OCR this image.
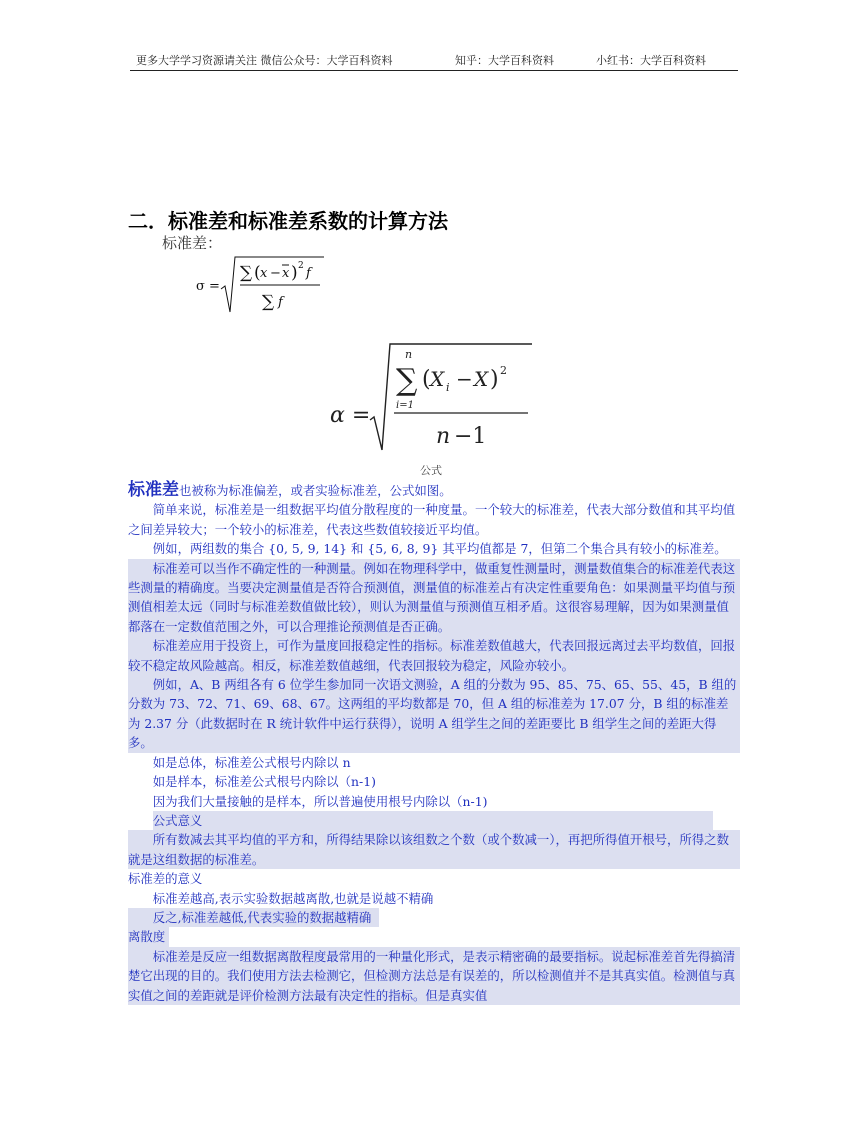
更多大学学习资源请关注 微信公众号：大学百科资料	知乎：大学百科资料	小红书：大学百科资料
二．标准差和标准差系数的计算方法
标准差：
σ =
∑ ( x − x ) 2 f
∑ f
α =
n
∑
i=1
( X i − X ) 2
n −1
公式

标准差也被称为标准偏差，或者实验标准差，公式如图。

简单来说，标准差是一组数据平均值分散程度的一种度量。一个较大的标准差，代表大部分数值和其平均值之间差异较大；一个较小的标准差，代表这些数值较接近平均值。

例如，两组数的集合 {0, 5, 9, 14} 和 {5, 6, 8, 9} 其平均值都是 7，但第二个集合具有较小的标准差。

标准差可以当作不确定性的一种测量。例如在物理科学中，做重复性测量时，测量数值集合的标准差代表这些测量的精确度。当要决定测量值是否符合预测值，测量值的标准差占有决定性重要角色：如果测量平均值与预测值相差太远（同时与标准差数值做比较），则认为测量值与预测值互相矛盾。这很容易理解，因为如果测量值都落在一定数值范围之外，可以合理推论预测值是否正确。

标准差应用于投资上，可作为量度回报稳定性的指标。标准差数值越大，代表回报远离过去平均数值，回报较不稳定故风险越高。相反，标准差数值越细，代表回报较为稳定，风险亦较小。

例如，A、B 两组各有 6 位学生参加同一次语文测验，A 组的分数为 95、85、75、65、55、45，B 组的分数为 73、72、71、69、68、67。这两组的平均数都是 70，但 A 组的标准差为 17.07 分，B 组的标准差为 2.37 分（此数据时在 R 统计软件中运行获得），说明 A 组学生之间的差距要比 B 组学生之间的差距大得多。

如是总体，标准差公式根号内除以 n

如是样本，标准差公式根号内除以（n-1)

因为我们大量接触的是样本，所以普遍使用根号内除以（n-1)

公式意义

所有数减去其平均值的平方和，所得结果除以该组数之个数（或个数减一），再把所得值开根号，所得之数就是这组数据的标准差。

标准差的意义

标准差越高,表示实验数据越离散,也就是说越不精确

反之,标准差越低,代表实验的数据越精确

离散度

标准差是反应一组数据离散程度最常用的一种量化形式，是表示精密确的最要指标。说起标准差首先得搞清楚它出现的目的。我们使用方法去检测它，但检测方法总是有误差的，所以检测值并不是其真实值。检测值与真实值之间的差距就是评价检测方法最有决定性的指标。但是真实值
